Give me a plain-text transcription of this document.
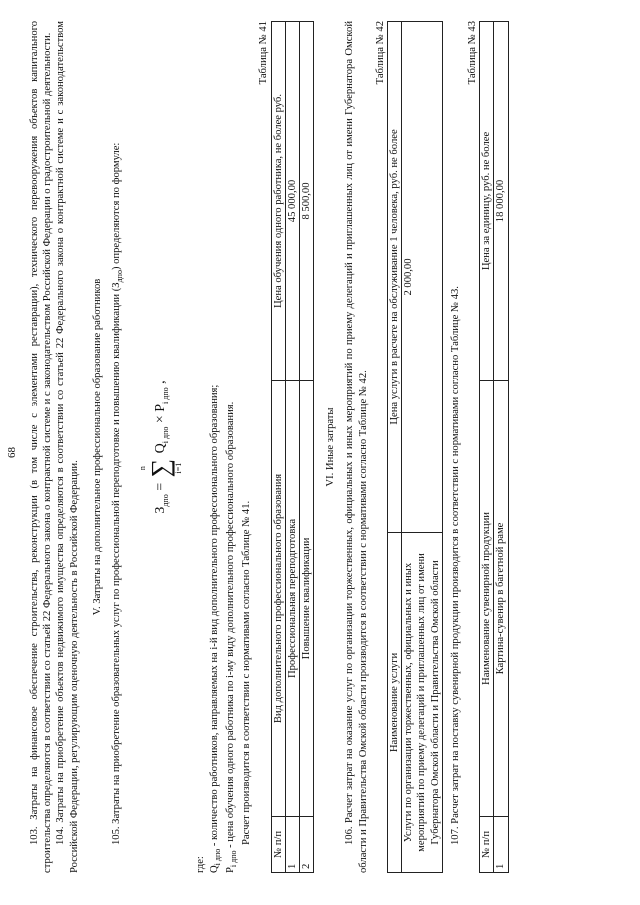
68 103. Затраты на финансовое обеспечение строительства, реконструкции (в том числе с элементами реставрации), технического перевооружения объектов капитального строительства определяются в соответствии со статьей 22 Федерального закона о контрактной системе и с законодательством Российской Федерации о градостроительной деятельности. 104. Затраты на приобретение объектов недвижимого имущества определяются в соответствии со статьей 22 Федерального закона о контрактной системе и с законодательством Российской Федерации, регулирующим оценочную деятельность в Российской Федерации.

V. Затраты на дополнительное профессиональное образование работников 105. Затраты на приобретение образовательных услуг по профессиональной переподготовке и повышению квалификации $(З_{дпо})$ определяются по формуле:

$З_{дпо}$ =
n ∑ i=1
$Q_{i дпо} \times P_{i дпо}$ ,

где: $Q_{i дпо}$ - количество работников, направляемых на i-й вид дополнительного профессионального образования;

$P_{i дпо}$ - цена обучения одного работника по i-му виду дополнительного профессионального образования. Расчет производится в соответствии с нормативами согласно Таблице № 41.

Таблица № 41
№ п/п	Вид дополнительного профессионального образования	Цена обучения одного работника, не более руб.
1	Профессиональная переподготовка	45 000,00
2	Повышение квалификации	8 500,00
VI. Иные затраты 106. Расчет затрат на оказание услуг по организации торжественных, официальных и иных мероприятий по приему делегаций и приглашенных лиц от имени Губернатора Омской области и Правительства Омской области производится в соответствии с нормативами согласно Таблице № 42.

Таблица № 42
Наименование услуги	Цена услуги в расчете на обслуживание 1 человека, руб. не более
Услуги по организации торжественных, официальных и иных мероприятий по приему делегаций и приглашенных лиц от имени Губернатора Омской области и Правительства Омской области	2 000,00

107. Расчет затрат на поставку сувенирной продукции производится в соответствии с нормативами согласно Таблице № 43.

Таблица № 43
№ п/п	Наименование сувенирной продукции	Цена за единицу, руб. не более
1	Картина-сувенир в багетной раме	18 000,00
